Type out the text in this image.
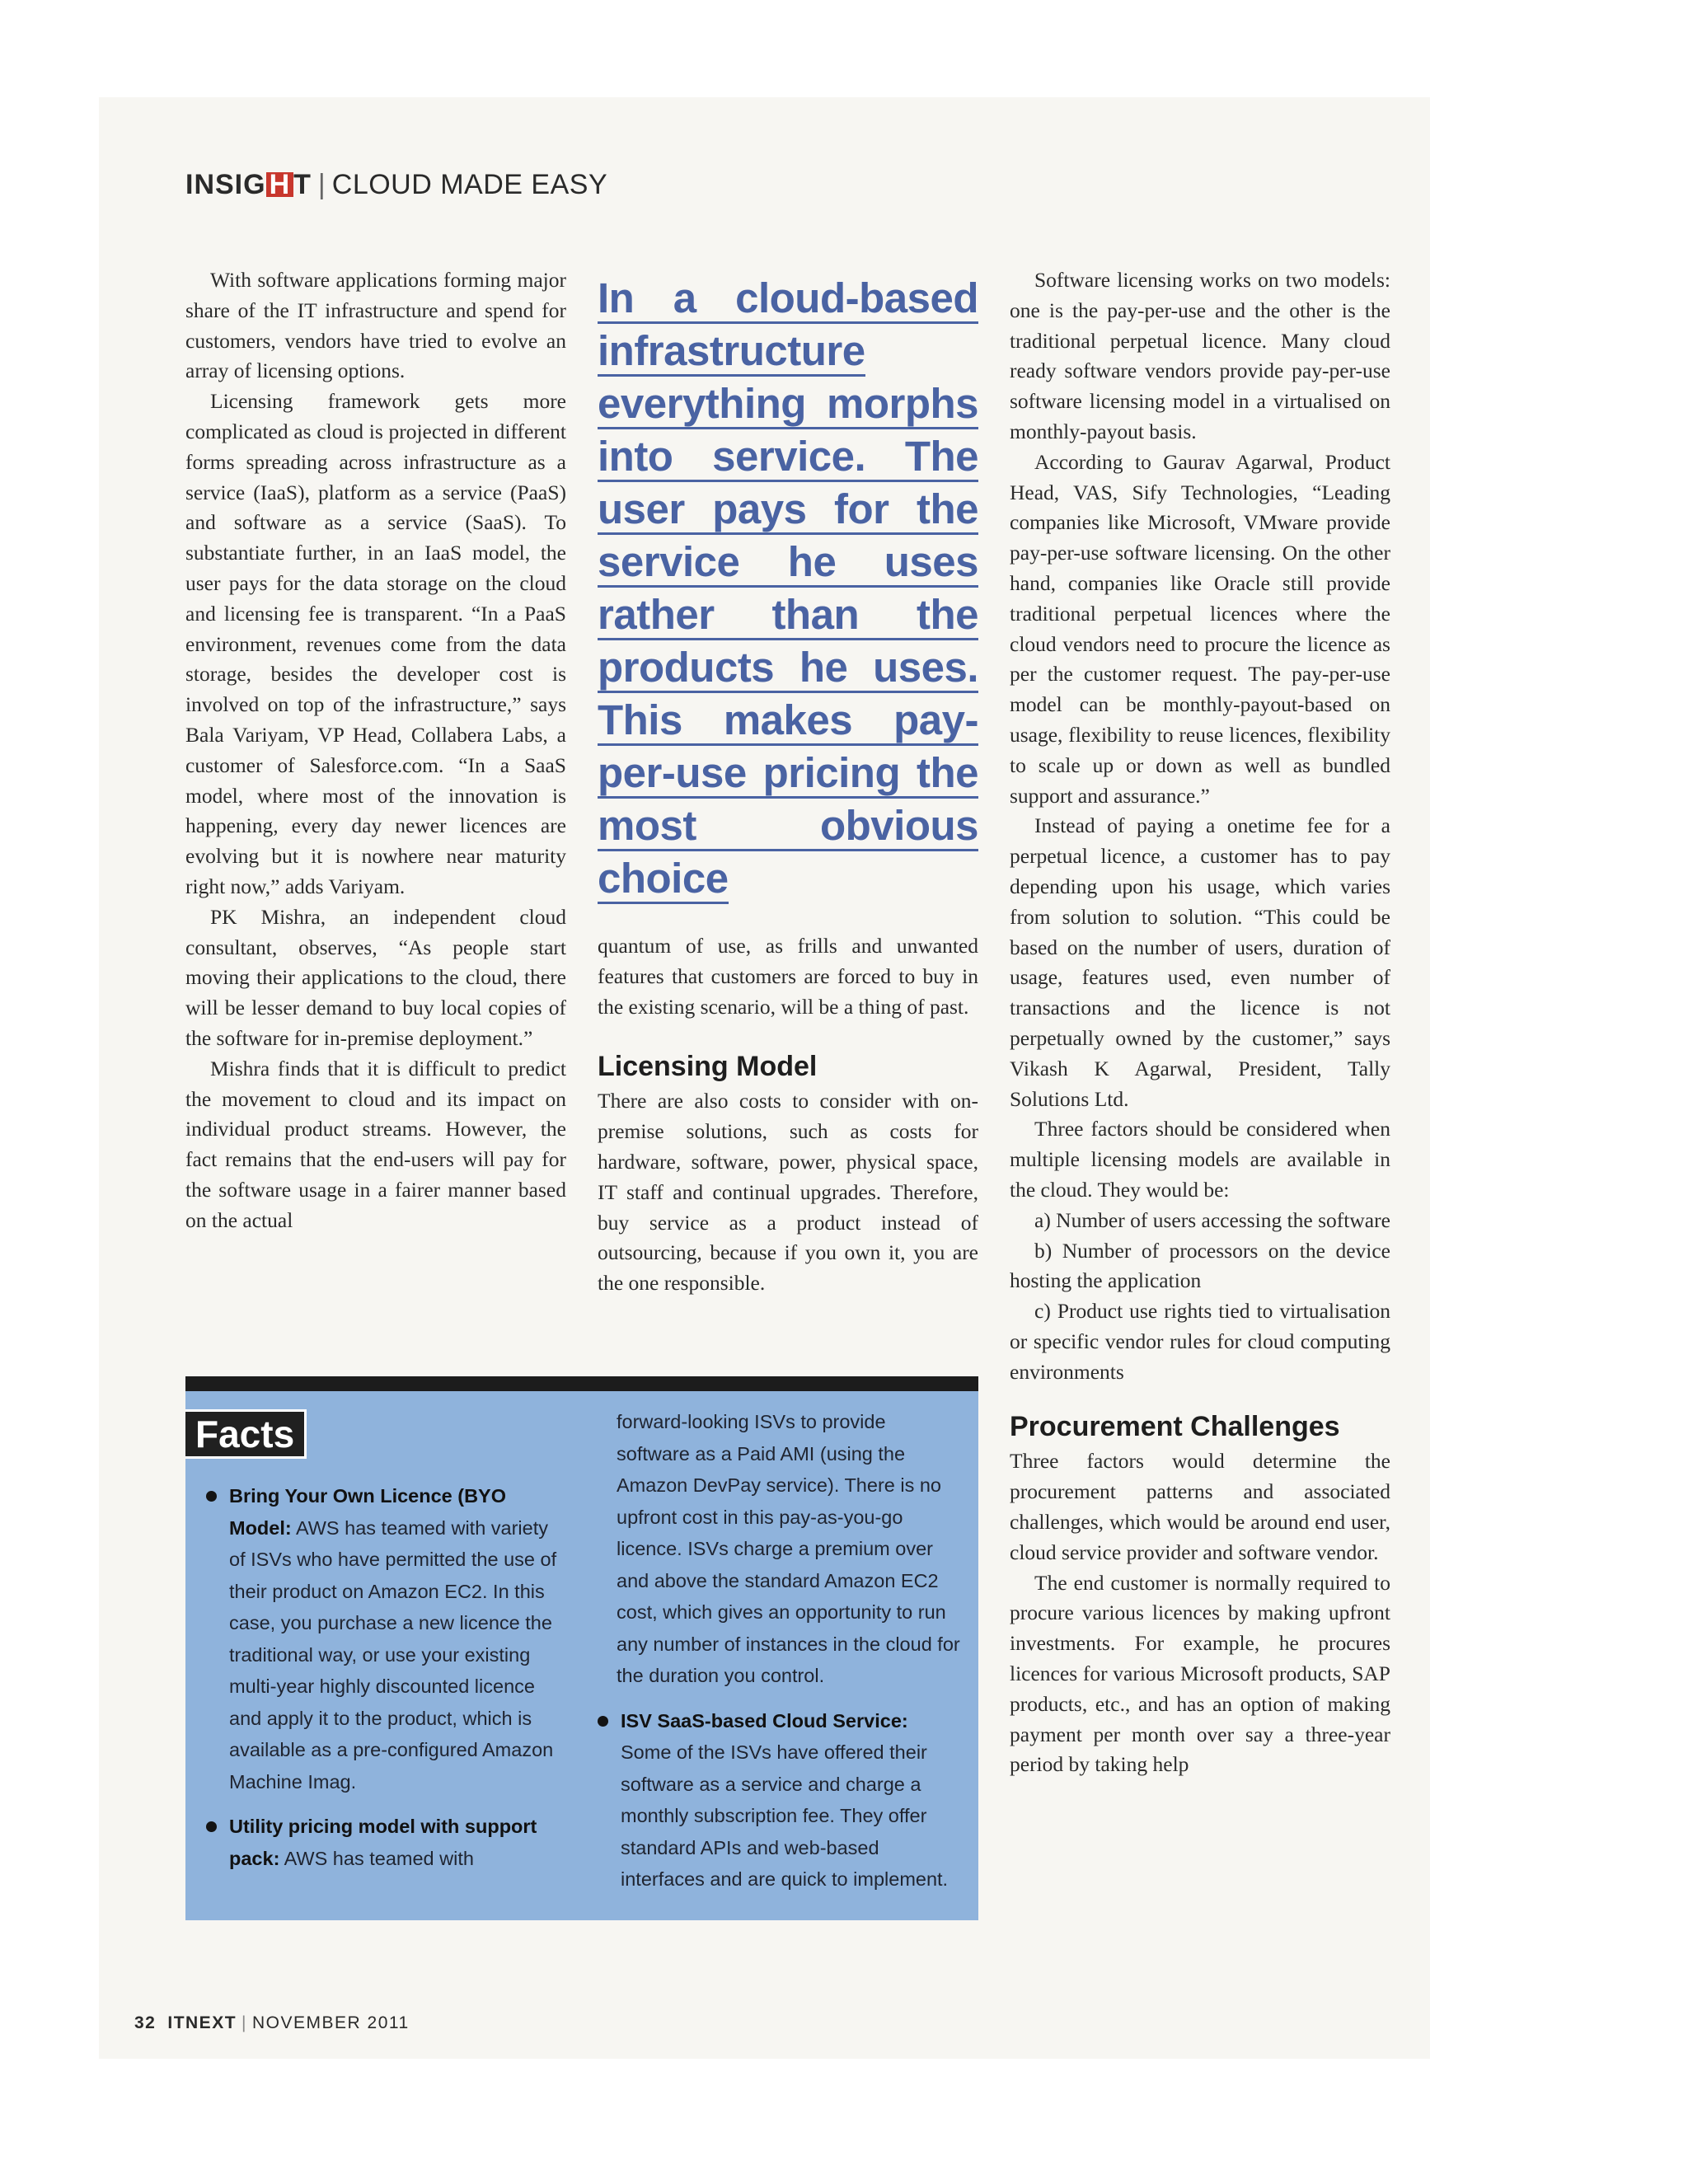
INSIG H T | CLOUD MADE EASY

With software applications forming major share of the IT infrastructure and spend for customers, vendors have tried to evolve an array of licensing options.

Licensing framework gets more complicated as cloud is projected in different forms spreading across infrastructure as a service (IaaS), platform as a service (PaaS) and software as a service (SaaS). To substantiate further, in an IaaS model, the user pays for the data storage on the cloud and licensing fee is transparent. “In a PaaS environment, revenues come from the data storage, besides the developer cost is involved on top of the infrastructure,” says Bala Variyam, VP Head, Collabera Labs, a customer of Salesforce.com. “In a SaaS model, where most of the innovation is happening, every day newer licences are evolving but it is nowhere near maturity right now,” adds Variyam.

PK Mishra, an independent cloud consultant, observes, “As people start moving their applications to the cloud, there will be lesser demand to buy local copies of the software for in-premise deployment.”

Mishra finds that it is difficult to predict the movement to cloud and its impact on individual product streams. However, the fact remains that the end-users will pay for the software usage in a fairer manner based on the actual

In a cloud-based infrastructure everything morphs into service. The user pays for the service he uses rather than the products he uses. This makes pay-per-use pricing the most obvious choice

quantum of use, as frills and unwanted features that customers are forced to buy in the existing scenario, will be a thing of past.

Licensing Model

There are also costs to consider with on-premise solutions, such as costs for hardware, software, power, physical space, IT staff and continual upgrades. Therefore, buy service as a product instead of outsourcing, because if you own it, you are the one responsible.

Software licensing works on two models: one is the pay-per-use and the other is the traditional perpetual licence. Many cloud ready software vendors provide pay-per-use software licensing model in a virtualised on monthly-payout basis.

According to Gaurav Agarwal, Product Head, VAS, Sify Technologies, “Leading companies like Microsoft, VMware provide pay-per-use software licensing. On the other hand, companies like Oracle still provide traditional perpetual licences where the cloud vendors need to procure the licence as per the customer request. The pay-per-use model can be monthly-payout-based on usage, flexibility to reuse licences, flexibility to scale up or down as well as bundled support and assurance.”

Instead of paying a onetime fee for a perpetual licence, a customer has to pay depending upon his usage, which varies from solution to solution. “This could be based on the number of users, duration of usage, features used, even number of transactions and the licence is not perpetually owned by the customer,” says Vikash K Agarwal, President, Tally Solutions Ltd.

Three factors should be considered when multiple licensing models are available in the cloud. They would be:

a) Number of users accessing the software

b) Number of processors on the device hosting the application

c) Product use rights tied to virtualisation or specific vendor rules for cloud computing environments

Procurement Challenges

Three factors would determine the procurement patterns and associated challenges, which would be around end user, cloud service provider and software vendor.

The end customer is normally required to procure various licences by making upfront investments. For example, he procures licences for various Microsoft products, SAP products, etc., and has an option of making payment per month over say a three-year period by taking help

Facts
Bring Your Own Licence (BYO Model: AWS has teamed with variety of ISVs who have permitted the use of their product on Amazon EC2. In this case, you purchase a new licence the traditional way, or use your existing multi-year highly discounted licence and apply it to the product, which is available as a pre-configured Amazon Machine Imag.
Utility pricing model with support pack: AWS has teamed with
forward-looking ISVs to provide software as a Paid AMI (using the Amazon DevPay service). There is no upfront cost in this pay-as-you-go licence. ISVs charge a premium over and above the standard Amazon EC2 cost, which gives an opportunity to run any number of instances in the cloud for the duration you control.
ISV SaaS-based Cloud Service: Some of the ISVs have offered their software as a service and charge a monthly subscription fee. They offer standard APIs and web-based interfaces and are quick to implement.
32 ITNEXT | NOVEMBER 2011
